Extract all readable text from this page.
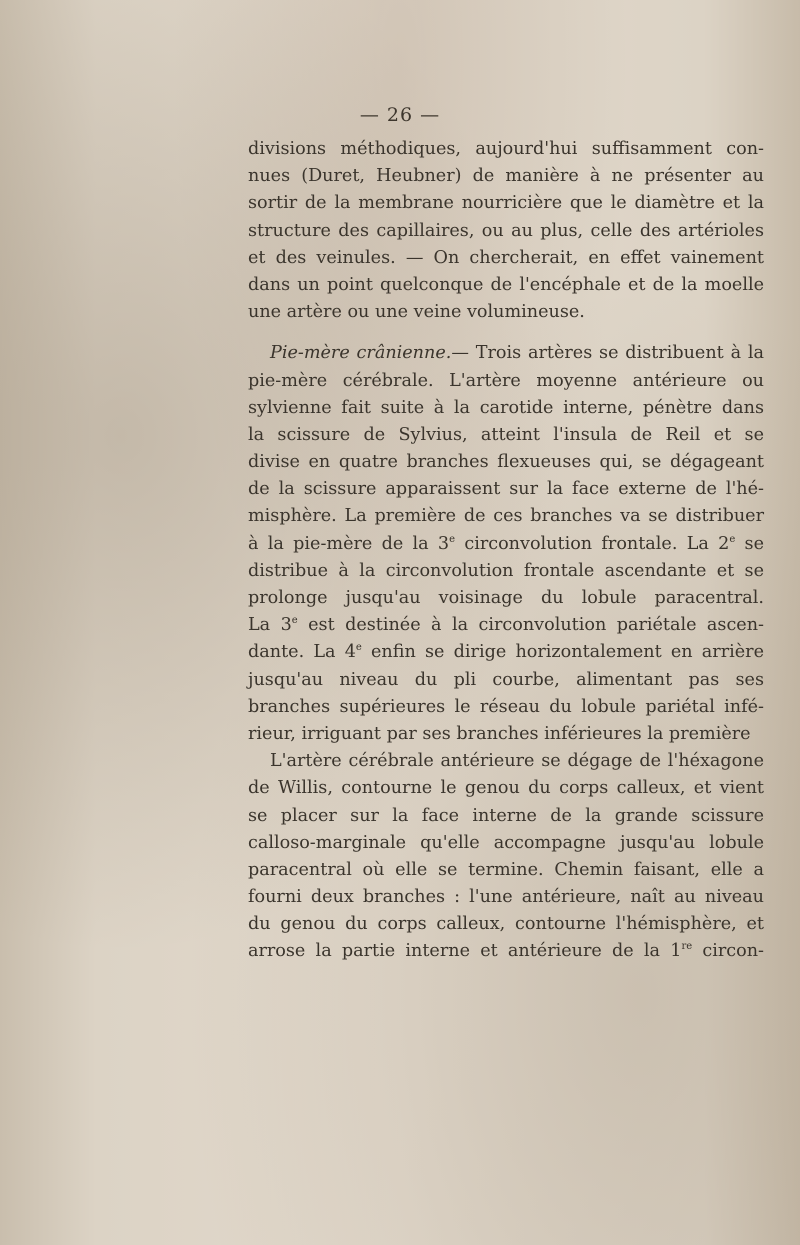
— 26 —
divisions méthodiques, aujourd'hui suffisamment con-
nues (Duret, Heubner) de manière à ne présenter au
sortir de la membrane nourricière que le diamètre et la
structure des capillaires, ou au plus, celle des artérioles
et des veinules. — On chercherait, en effet vainement
dans un point quelconque de l'encéphale et de la moelle
une artère ou une veine volumineuse.
Pie-mère crânienne.— Trois artères se distribuent à la
pie-mère cérébrale. L'artère moyenne antérieure ou
sylvienne fait suite à la carotide interne, pénètre dans
la scissure de Sylvius, atteint l'insula de Reil et se
divise en quatre branches flexueuses qui, se dégageant
de la scissure apparaissent sur la face externe de l'hé-
misphère. La première de ces branches va se distribuer
à la pie-mère de la 3e circonvolution frontale. La 2e se
distribue à la circonvolution frontale ascendante et se
prolonge jusqu'au voisinage du lobule paracentral.
La 3e est destinée à la circonvolution pariétale ascen-
dante. La 4e enfin se dirige horizontalement en arrière
jusqu'au niveau du pli courbe, alimentant pas ses
branches supérieures le réseau du lobule pariétal infé-
rieur, irriguant par ses branches inférieures la première
L'artère cérébrale antérieure se dégage de l'héxagone
de Willis, contourne le genou du corps calleux, et vient
se placer sur la face interne de la grande scissure
calloso-marginale qu'elle accompagne jusqu'au lobule
paracentral où elle se termine. Chemin faisant, elle a
fourni deux branches : l'une antérieure, naît au niveau
du genou du corps calleux, contourne l'hémisphère, et
arrose la partie interne et antérieure de la 1re circon-
